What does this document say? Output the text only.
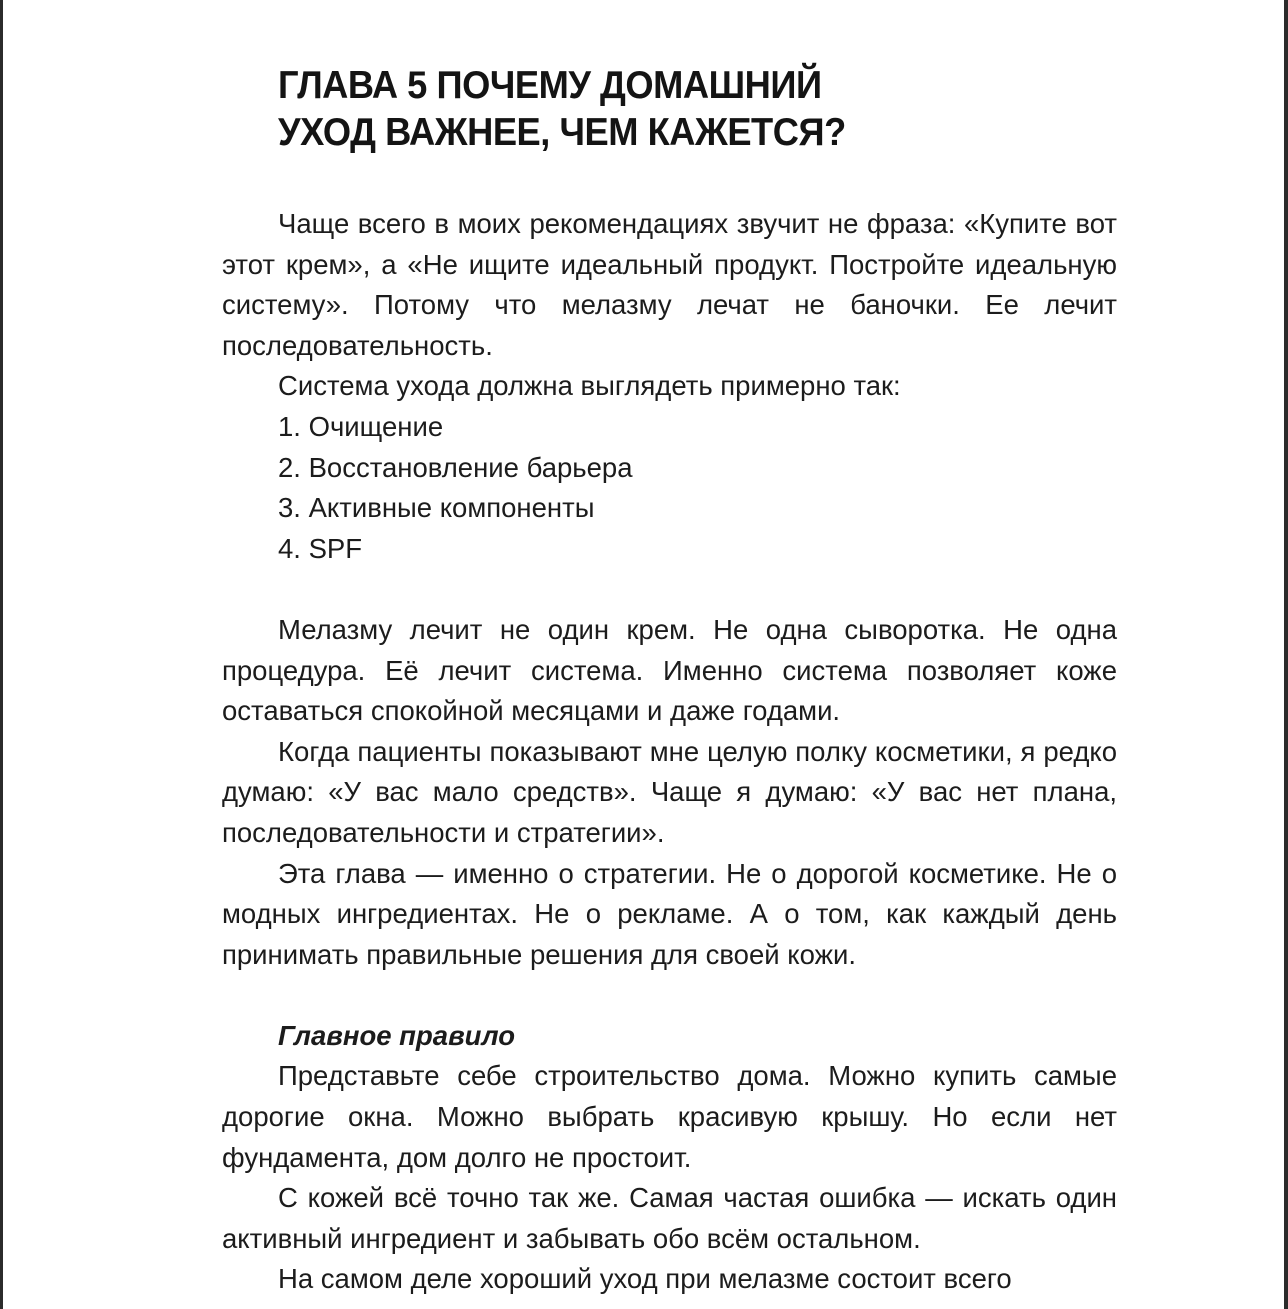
ГЛАВА 5 ПОЧЕМУ ДОМАШНИЙ
УХОД ВАЖНЕЕ, ЧЕМ КАЖЕТСЯ?

Чаще всего в моих рекомендациях звучит не фраза: «Купите вот этот крем», а «Не ищите идеальный продукт. Постройте идеальную систему». Потому что мелазму лечат не баночки. Ее лечит последовательность.

Система ухода должна выглядеть примерно так:

1. Очищение
2. Восстановление барьера
3. Активные компоненты
4. SPF

Мелазму лечит не один крем. Не одна сыворотка. Не одна процедура. Её лечит система. Именно система позволяет коже оставаться спокойной месяцами и даже годами.

Когда пациенты показывают мне целую полку косметики, я редко думаю: «У вас мало средств». Чаще я думаю: «У вас нет плана, последовательности и стратегии».

Эта глава — именно о стратегии. Не о дорогой косметике. Не о модных ингредиентах. Не о рекламе. А о том, как каждый день принимать правильные решения для своей кожи.

Главное правило

Представьте себе строительство дома. Можно купить самые дорогие окна. Можно выбрать красивую крышу. Но если нет фундамента, дом долго не простоит.

С кожей всё точно так же. Самая частая ошибка — искать один активный ингредиент и забывать обо всём остальном.

На самом деле хороший уход при мелазме состоит всего
